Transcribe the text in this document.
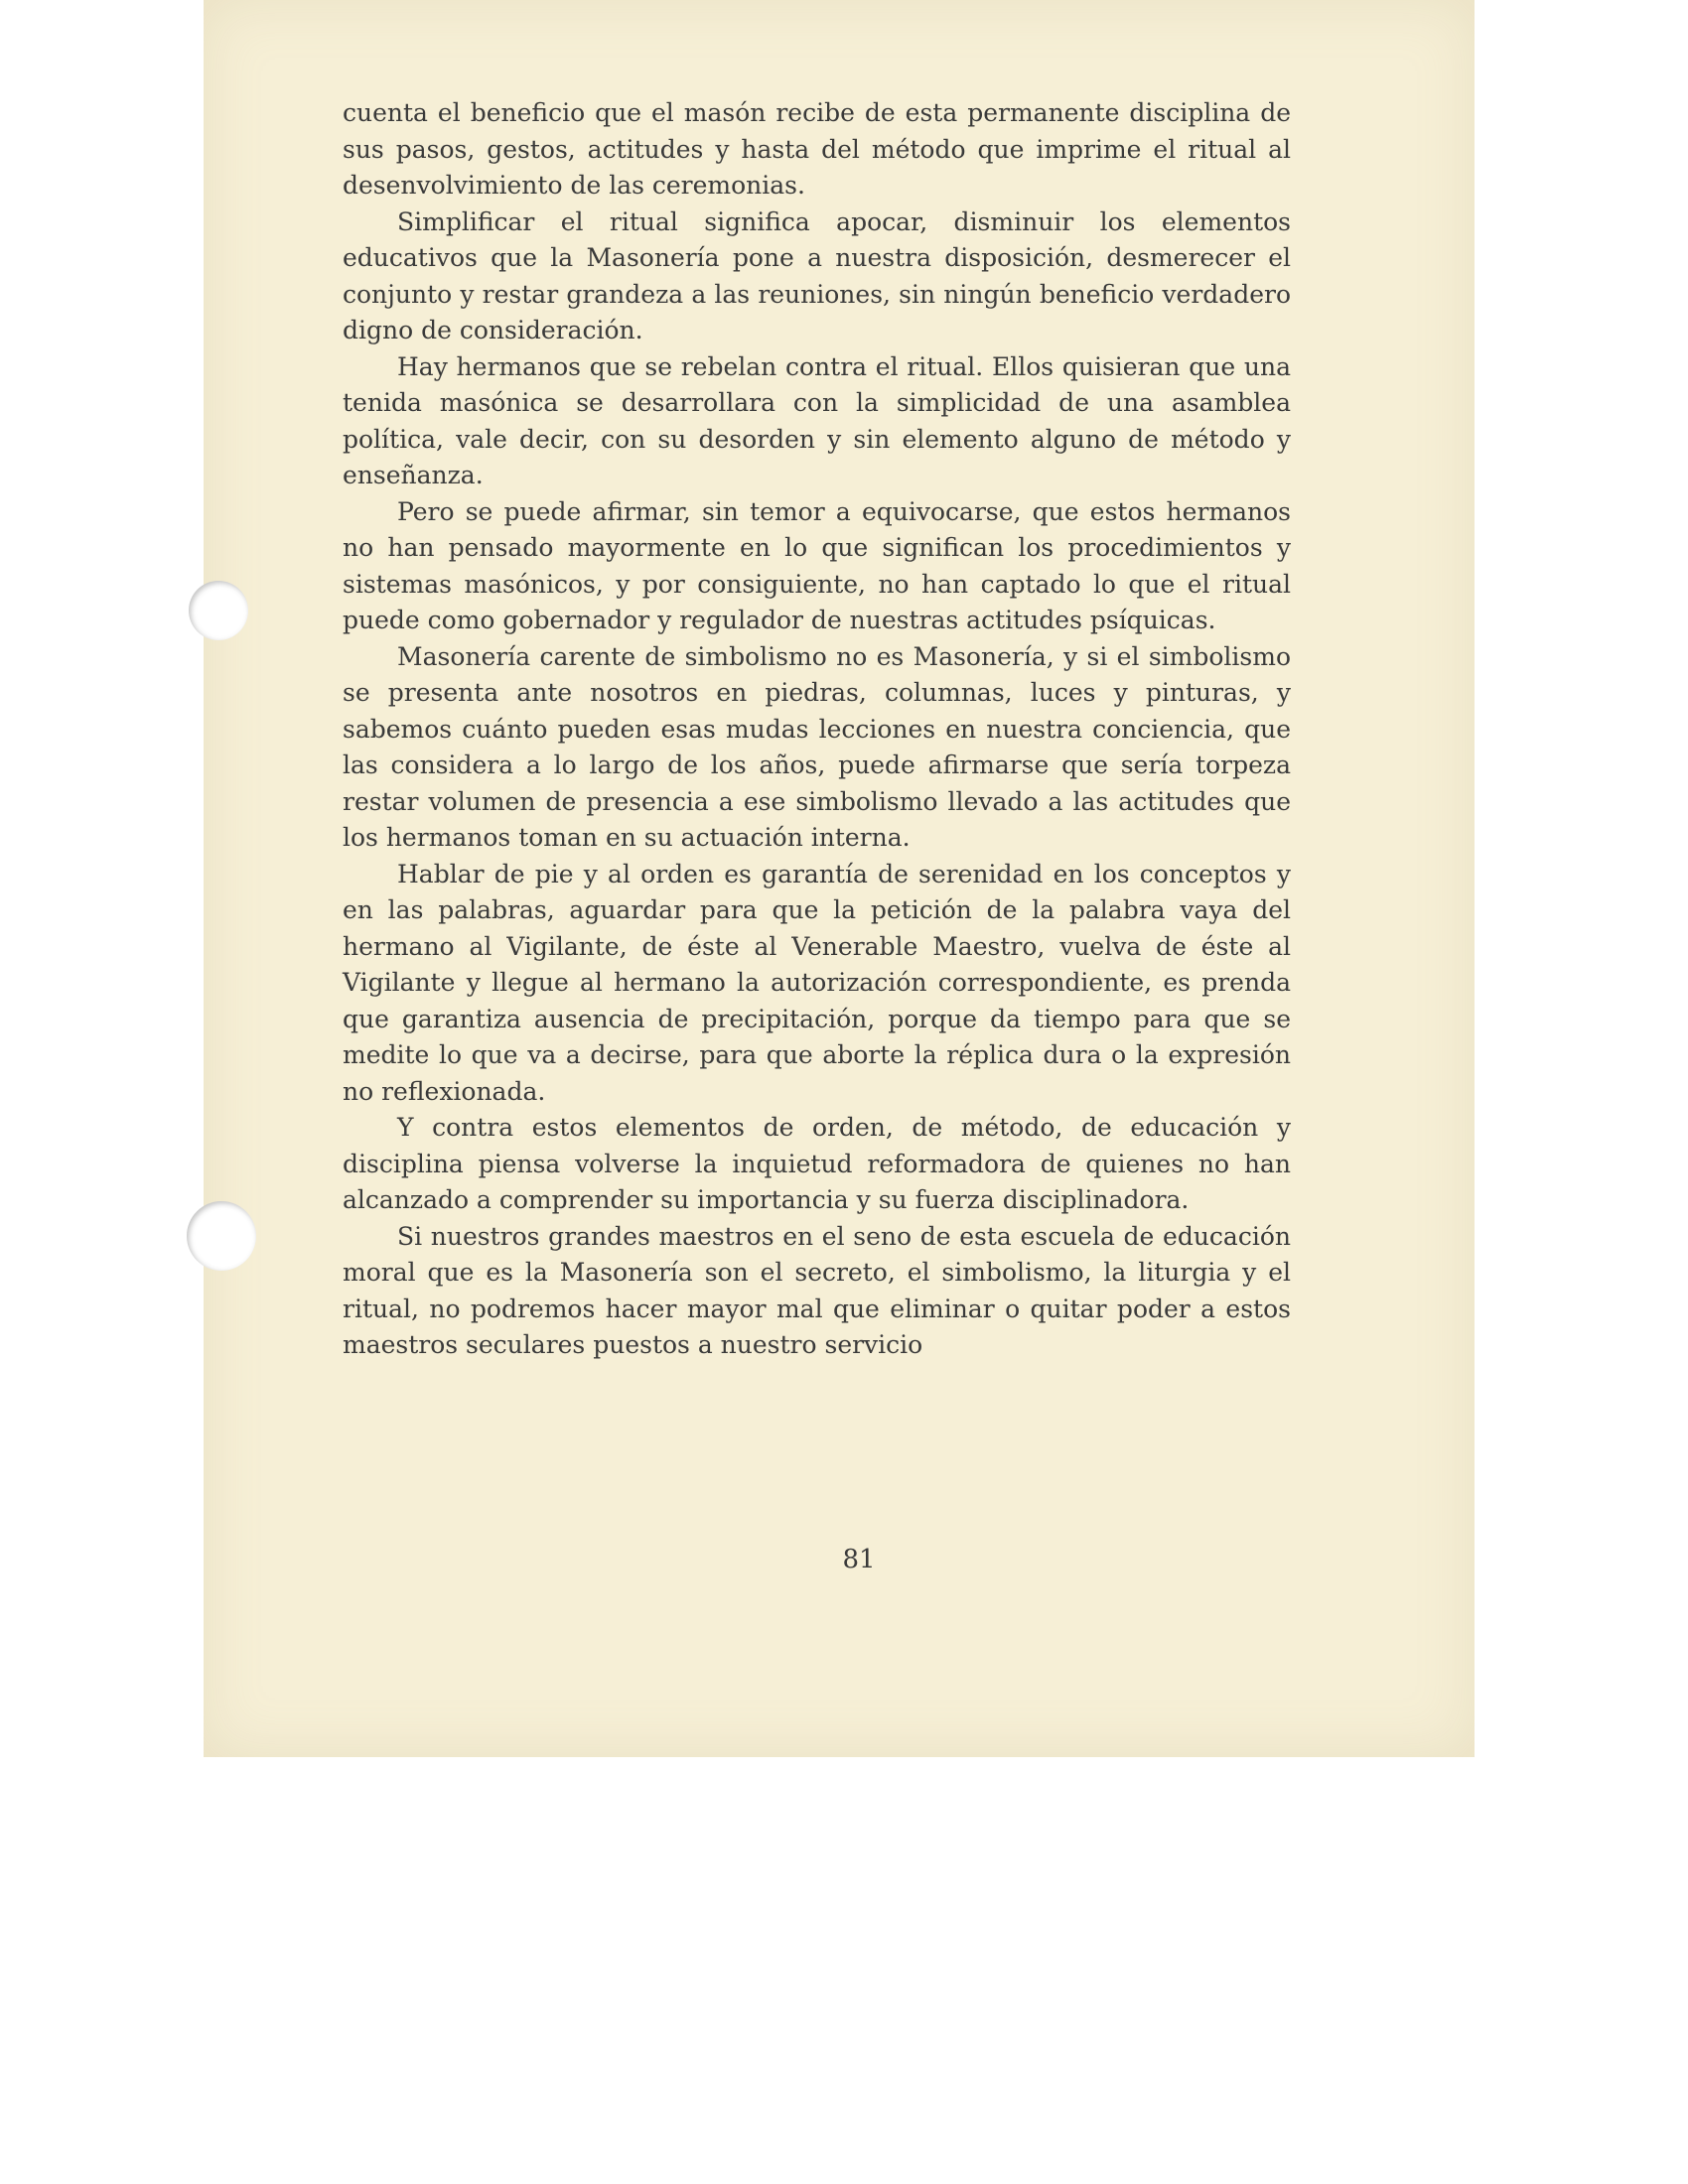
cuenta el beneficio que el masón recibe de esta permanente disciplina de sus pasos, gestos, actitudes y hasta del método que imprime el ritual al desenvolvimiento de las ceremonias.

Simplificar el ritual significa apocar, disminuir los elementos educativos que la Masonería pone a nuestra disposición, desmerecer el conjunto y restar grandeza a las reuniones, sin ningún beneficio verdadero digno de consideración.

Hay hermanos que se rebelan contra el ritual. Ellos quisieran que una tenida masónica se desarrollara con la simplicidad de una asamblea política, vale decir, con su desorden y sin elemento alguno de método y enseñanza.

Pero se puede afirmar, sin temor a equivocarse, que estos hermanos no han pensado mayormente en lo que significan los procedimientos y sistemas masónicos, y por consiguiente, no han captado lo que el ritual puede como gobernador y regulador de nuestras actitudes psíquicas.

Masonería carente de simbolismo no es Masonería, y si el simbolismo se presenta ante nosotros en piedras, columnas, luces y pinturas, y sabemos cuánto pueden esas mudas lecciones en nuestra conciencia, que las considera a lo largo de los años, puede afirmarse que sería torpeza restar volumen de presencia a ese simbolismo llevado a las actitudes que los hermanos toman en su actuación interna.

Hablar de pie y al orden es garantía de serenidad en los conceptos y en las palabras, aguardar para que la petición de la palabra vaya del hermano al Vigilante, de éste al Venerable Maestro, vuelva de éste al Vigilante y llegue al hermano la autorización correspondiente, es prenda que garantiza ausencia de precipitación, porque da tiempo para que se medite lo que va a decirse, para que aborte la réplica dura o la expresión no reflexionada.

Y contra estos elementos de orden, de método, de educación y disciplina piensa volverse la inquietud reformadora de quienes no han alcanzado a comprender su importancia y su fuerza disciplinadora.

Si nuestros grandes maestros en el seno de esta escuela de educación moral que es la Masonería son el secreto, el simbolismo, la liturgia y el ritual, no podremos hacer mayor mal que eliminar o quitar poder a estos maestros seculares puestos a nuestro servicio

81
